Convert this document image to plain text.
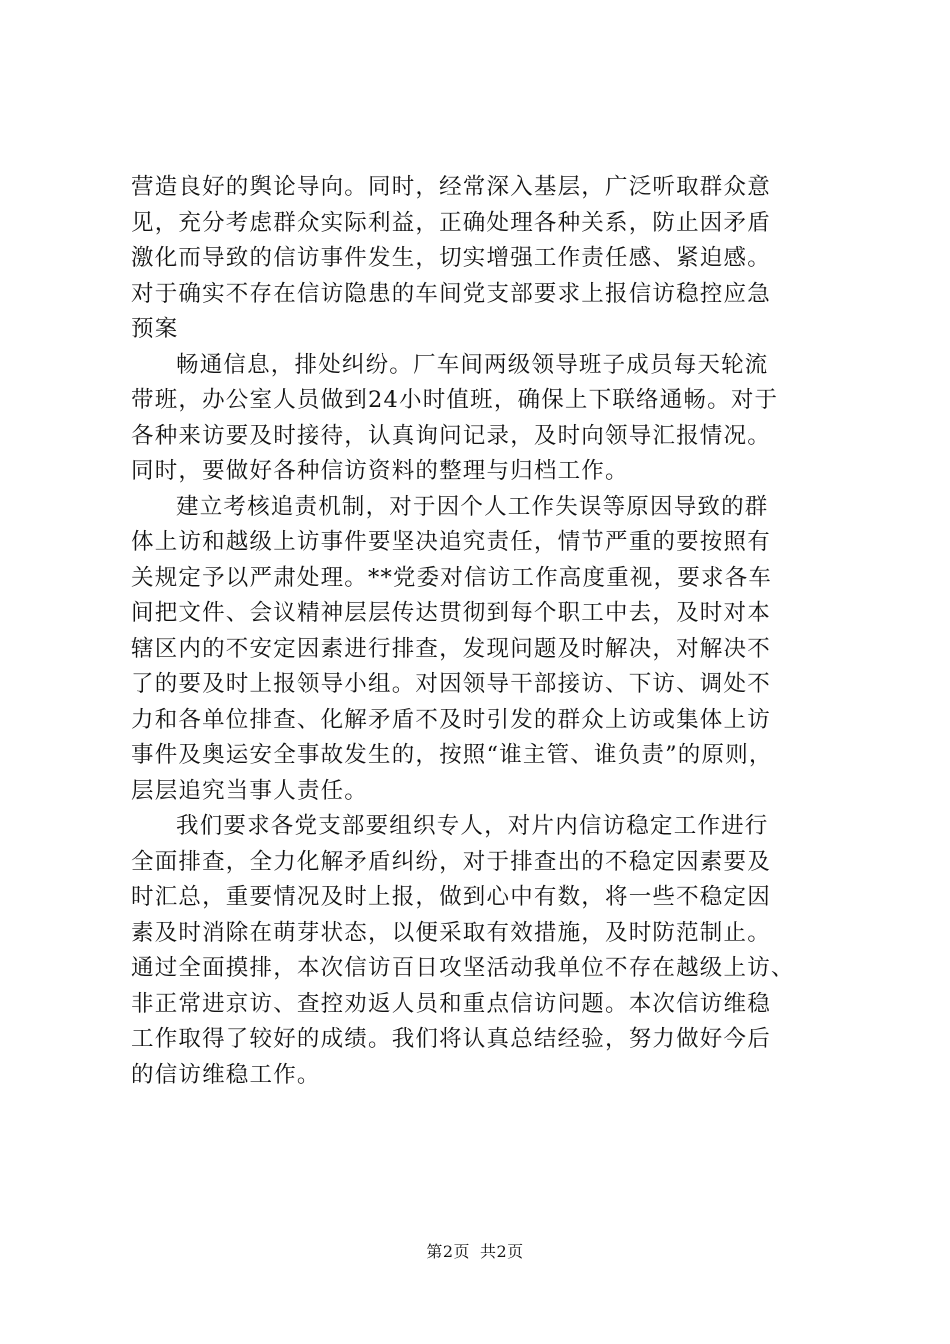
营造良好的舆论导向。同时，经常深入基层，广泛听取群众意
见，充分考虑群众实际利益，正确处理各种关系，防止因矛盾
激化而导致的信访事件发生，切实增强工作责任感、紧迫感。
对于确实不存在信访隐患的车间党支部要求上报信访稳控应急
预案

畅通信息，排处纠纷。厂车间两级领导班子成员每天轮流
带班，办公室人员做到24小时值班，确保上下联络通畅。对于
各种来访要及时接待，认真询问记录，及时向领导汇报情况。
同时，要做好各种信访资料的整理与归档工作。

建立考核追责机制，对于因个人工作失误等原因导致的群
体上访和越级上访事件要坚决追究责任，情节严重的要按照有
关规定予以严肃处理。**党委对信访工作高度重视，要求各车
间把文件、会议精神层层传达贯彻到每个职工中去，及时对本
辖区内的不安定因素进行排查，发现问题及时解决，对解决不
了的要及时上报领导小组。对因领导干部接访、下访、调处不
力和各单位排查、化解矛盾不及时引发的群众上访或集体上访
事件及奥运安全事故发生的，按照“谁主管、谁负责”的原则，
层层追究当事人责任。

我们要求各党支部要组织专人，对片内信访稳定工作进行
全面排查，全力化解矛盾纠纷，对于排查出的不稳定因素要及
时汇总，重要情况及时上报，做到心中有数，将一些不稳定因
素及时消除在萌芽状态，以便采取有效措施，及时防范制止。
通过全面摸排，本次信访百日攻坚活动我单位不存在越级上访、
非正常进京访、查控劝返人员和重点信访问题。本次信访维稳
工作取得了较好的成绩。我们将认真总结经验，努力做好今后
的信访维稳工作。

第2页 共2页
